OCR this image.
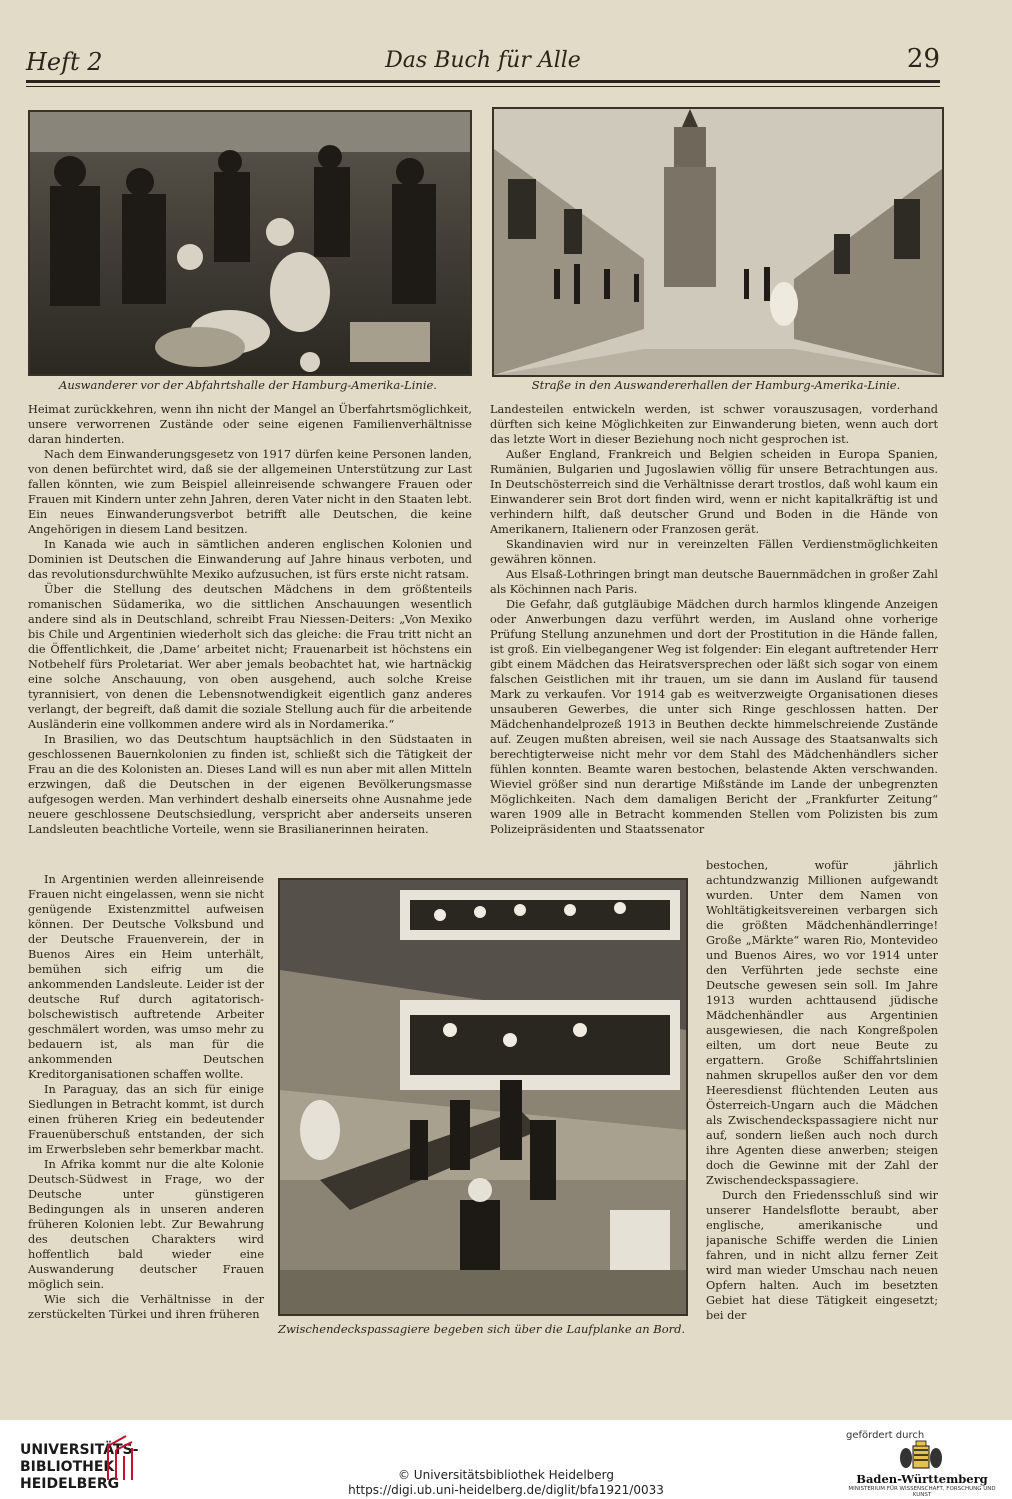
Heft 2	Das Buch für Alle	29
Auswanderer vor der Abfahrtshalle der Hamburg-Amerika-Linie.	Straße in den Auswandererhallen der Hamburg-Amerika-Linie.

Heimat zurückkehren, wenn ihn nicht der Mangel an Überfahrtsmöglichkeit, unsere verworrenen Zustände oder seine eigenen Familienverhältnisse daran hinderten.

Nach dem Einwanderungsgesetz von 1917 dürfen keine Personen landen, von denen befürchtet wird, daß sie der allgemeinen Unterstützung zur Last fallen könnten, wie zum Beispiel alleinreisende schwangere Frauen oder Frauen mit Kindern unter zehn Jahren, deren Vater nicht in den Staaten lebt. Ein neues Einwanderungsverbot betrifft alle Deutschen, die keine Angehörigen in diesem Land besitzen.

In Kanada wie auch in sämtlichen anderen englischen Kolonien und Dominien ist Deutschen die Einwanderung auf Jahre hinaus verboten, und das revolutionsdurchwühlte Mexiko aufzusuchen, ist fürs erste nicht ratsam.

Über die Stellung des deutschen Mädchens in dem größtenteils romanischen Südamerika, wo die sittlichen Anschauungen wesentlich andere sind als in Deutschland, schreibt Frau Niessen-Deiters: „Von Mexiko bis Chile und Argentinien wiederholt sich das gleiche: die Frau tritt nicht an die Öffentlichkeit, die ‚Dame‘ arbeitet nicht; Frauenarbeit ist höchstens ein Notbehelf fürs Proletariat. Wer aber jemals beobachtet hat, wie hartnäckig eine solche Anschauung, von oben ausgehend, auch solche Kreise tyrannisiert, von denen die Lebensnotwendigkeit eigentlich ganz anderes verlangt, der begreift, daß damit die soziale Stellung auch für die arbeitende Ausländerin eine vollkommen andere wird als in Nordamerika.“

In Brasilien, wo das Deutschtum hauptsächlich in den Südstaaten in geschlossenen Bauernkolonien zu finden ist, schließt sich die Tätigkeit der Frau an die des Kolonisten an. Dieses Land will es nun aber mit allen Mitteln erzwingen, daß die Deutschen in der eigenen Bevölkerungsmasse aufgesogen werden. Man verhindert deshalb einerseits ohne Ausnahme jede neuere geschlossene Deutschsiedlung, verspricht aber anderseits unseren Landsleuten beachtliche Vorteile, wenn sie Brasilianerinnen heiraten.

In Argentinien werden alleinreisende Frauen nicht eingelassen, wenn sie nicht genügende Existenzmittel aufweisen können. Der Deutsche Volksbund und der Deutsche Frauenverein, der in Buenos Aires ein Heim unterhält, bemühen sich eifrig um die ankommenden Landsleute. Leider ist der deutsche Ruf durch agitatorisch-bolschewistisch auftretende Arbeiter geschmälert worden, was umso mehr zu bedauern ist, als man für die ankommenden Deutschen Kreditorganisationen schaffen wollte.

In Paraguay, das an sich für einige Siedlungen in Betracht kommt, ist durch einen früheren Krieg ein bedeutender Frauenüberschuß entstanden, der sich im Erwerbsleben sehr bemerkbar macht.

In Afrika kommt nur die alte Kolonie Deutsch-Südwest in Frage, wo der Deutsche unter günstigeren Bedingungen als in unseren anderen früheren Kolonien lebt. Zur Bewahrung des deutschen Charakters wird hoffentlich bald wieder eine Auswanderung deutscher Frauen möglich sein.

Wie sich die Verhältnisse in der zerstückelten Türkei und ihren früheren

Zwischendeckspassagiere begeben sich über die Laufplanke an Bord.

Landesteilen entwickeln werden, ist schwer vorauszusagen, vorderhand dürften sich keine Möglichkeiten zur Einwanderung bieten, wenn auch dort das letzte Wort in dieser Beziehung noch nicht gesprochen ist.

Außer England, Frankreich und Belgien scheiden in Europa Spanien, Rumänien, Bulgarien und Jugoslawien völlig für unsere Betrachtungen aus. In Deutschösterreich sind die Verhältnisse derart trostlos, daß wohl kaum ein Einwanderer sein Brot dort finden wird, wenn er nicht kapitalkräftig ist und verhindern hilft, daß deutscher Grund und Boden in die Hände von Amerikanern, Italienern oder Franzosen gerät.

Skandinavien wird nur in vereinzelten Fällen Verdienstmöglichkeiten gewähren können.

Aus Elsaß-Lothringen bringt man deutsche Bauernmädchen in großer Zahl als Köchinnen nach Paris.

Die Gefahr, daß gutgläubige Mädchen durch harmlos klingende Anzeigen oder Anwerbungen dazu verführt werden, im Ausland ohne vorherige Prüfung Stellung anzunehmen und dort der Prostitution in die Hände fallen, ist groß. Ein vielbegangener Weg ist folgender: Ein elegant auftretender Herr gibt einem Mädchen das Heiratsversprechen oder läßt sich sogar von einem falschen Geistlichen mit ihr trauen, um sie dann im Ausland für tausend Mark zu verkaufen. Vor 1914 gab es weitverzweigte Organisationen dieses unsauberen Gewerbes, die unter sich Ringe geschlossen hatten. Der Mädchenhandelprozeß 1913 in Beuthen deckte himmelschreiende Zustände auf. Zeugen mußten abreisen, weil sie nach Aussage des Staatsanwalts sich berechtigterweise nicht mehr vor dem Stahl des Mädchenhändlers sicher fühlen konnten. Beamte waren bestochen, belastende Akten verschwanden. Wieviel größer sind nun derartige Mißstände im Lande der unbegrenzten Möglichkeiten. Nach dem damaligen Bericht der „Frankfurter Zeitung“ waren 1909 alle in Betracht kommenden Stellen vom Polizisten bis zum Polizeipräsidenten und Staatssenator

bestochen, wofür jährlich achtundzwanzig Millionen aufgewandt wurden. Unter dem Namen von Wohltätigkeitsvereinen verbargen sich die größten Mädchenhändlerringe! Große „Märkte“ waren Rio, Montevideo und Buenos Aires, wo vor 1914 unter den Verführten jede sechste eine Deutsche gewesen sein soll. Im Jahre 1913 wurden achttausend jüdische Mädchenhändler aus Argentinien ausgewiesen, die nach Kongreßpolen eilten, um dort neue Beute zu ergattern. Große Schiffahrtslinien nahmen skrupellos außer den vor dem Heeresdienst flüchtenden Leuten aus Österreich-Ungarn auch die Mädchen als Zwischendeckspassagiere nicht nur auf, sondern ließen auch noch durch ihre Agenten diese anwerben; steigen doch die Gewinne mit der Zahl der Zwischendeckspassagiere.

Durch den Friedensschluß sind wir unserer Handelsflotte beraubt, aber englische, amerikanische und japanische Schiffe werden die Linien fahren, und in nicht allzu ferner Zeit wird man wieder Umschau nach neuen Opfern halten. Auch im besetzten Gebiet hat diese Tätigkeit eingesetzt; bei der

UNIVERSITÄTS-
BIBLIOTHEK
HEIDELBERG
© Universitätsbibliothek Heidelberg
https://digi.ub.uni-heidelberg.de/diglit/bfa1921/0033
gefördert durch
Baden-Württemberg
MINISTERIUM FÜR WISSENSCHAFT, FORSCHUNG UND KUNST
